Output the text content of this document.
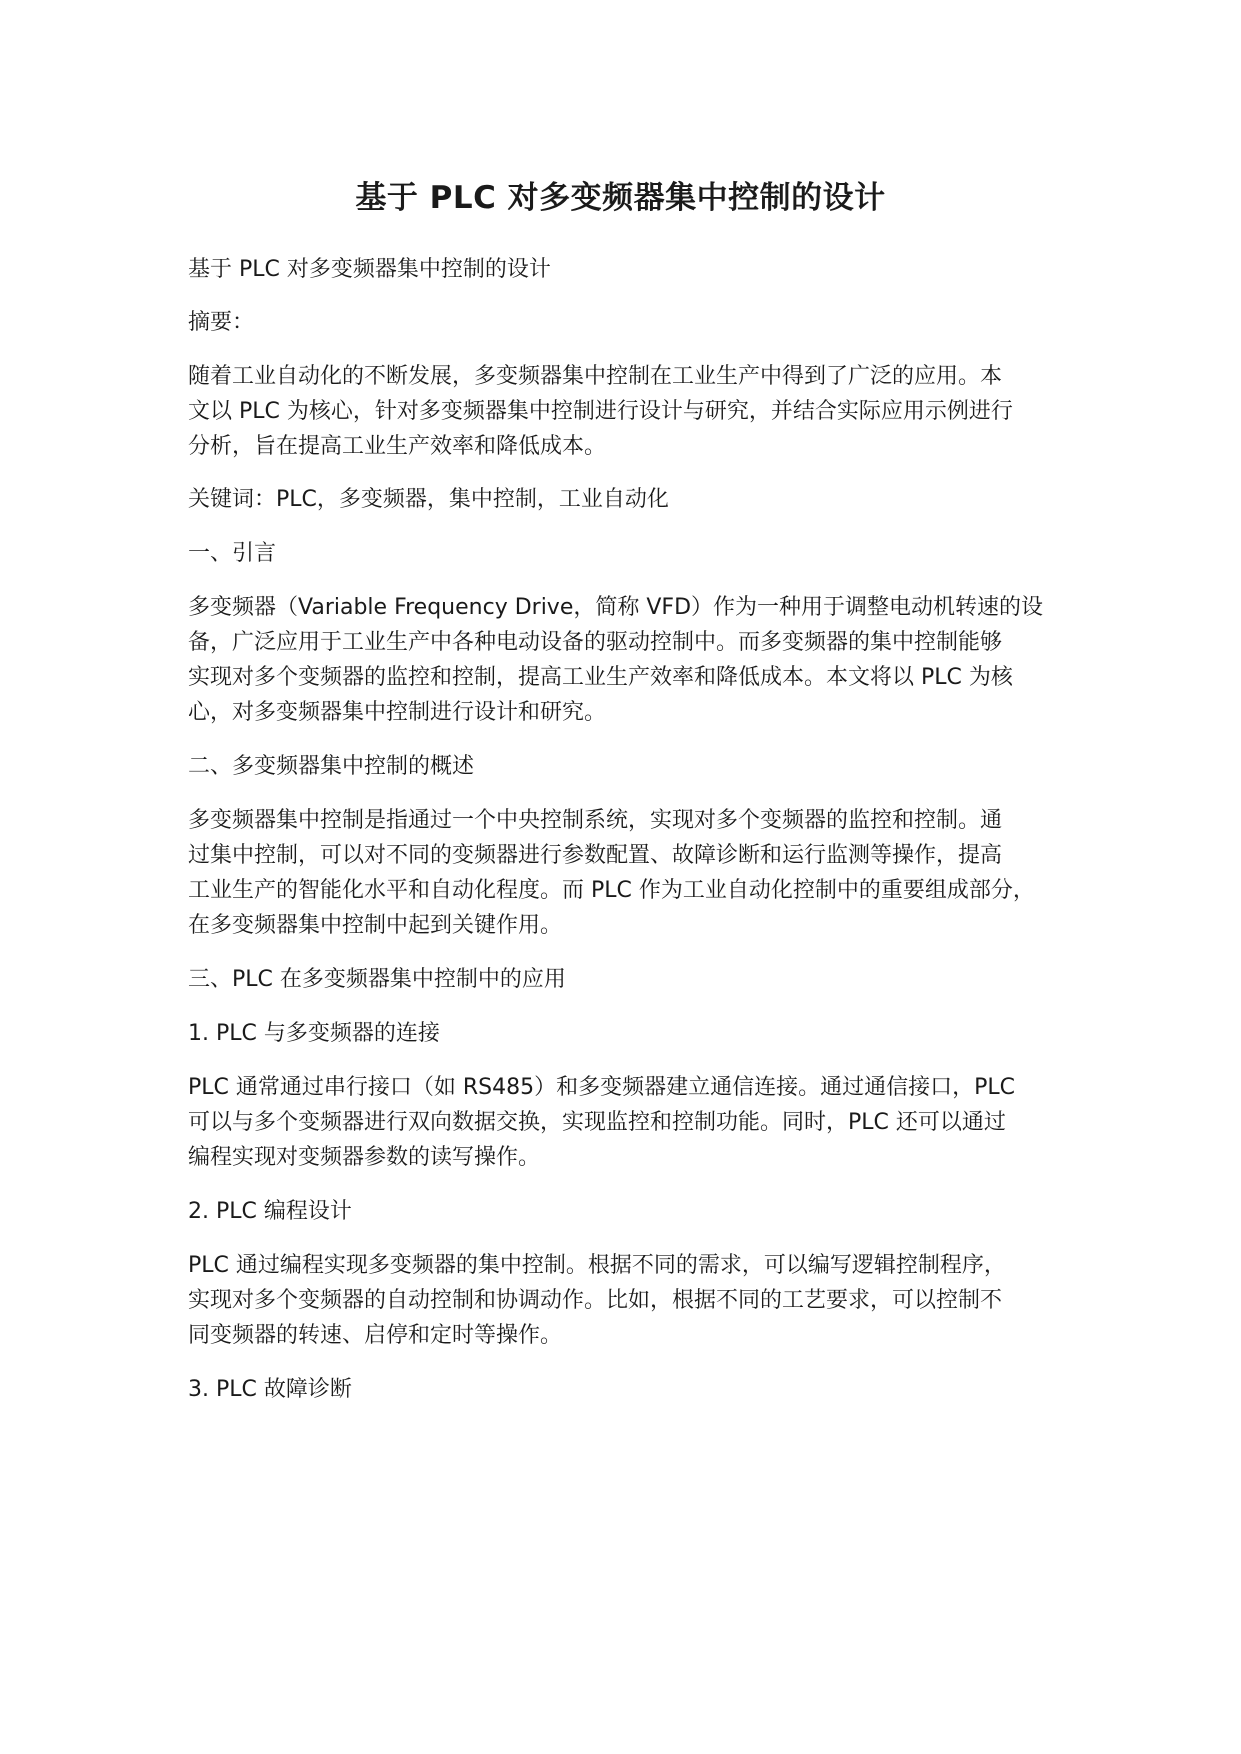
基于 PLC 对多变频器集中控制的设计
基于 PLC 对多变频器集中控制的设计
摘要：
随着工业自动化的不断发展，多变频器集中控制在工业生产中得到了广泛的应用。本
文以 PLC 为核心，针对多变频器集中控制进行设计与研究，并结合实际应用示例进行
分析，旨在提高工业生产效率和降低成本。
关键词：PLC，多变频器，集中控制，工业自动化
一、引言
多变频器（Variable Frequency Drive，简称 VFD）作为一种用于调整电动机转速的设
备，广泛应用于工业生产中各种电动设备的驱动控制中。而多变频器的集中控制能够
实现对多个变频器的监控和控制，提高工业生产效率和降低成本。本文将以 PLC 为核
心，对多变频器集中控制进行设计和研究。
二、多变频器集中控制的概述
多变频器集中控制是指通过一个中央控制系统，实现对多个变频器的监控和控制。通
过集中控制，可以对不同的变频器进行参数配置、故障诊断和运行监测等操作，提高
工业生产的智能化水平和自动化程度。而 PLC 作为工业自动化控制中的重要组成部分，
在多变频器集中控制中起到关键作用。
三、PLC 在多变频器集中控制中的应用
1. PLC 与多变频器的连接
PLC 通常通过串行接口（如 RS485）和多变频器建立通信连接。通过通信接口，PLC
可以与多个变频器进行双向数据交换，实现监控和控制功能。同时，PLC 还可以通过
编程实现对变频器参数的读写操作。
2. PLC 编程设计
PLC 通过编程实现多变频器的集中控制。根据不同的需求，可以编写逻辑控制程序，
实现对多个变频器的自动控制和协调动作。比如，根据不同的工艺要求，可以控制不
同变频器的转速、启停和定时等操作。
3. PLC 故障诊断
